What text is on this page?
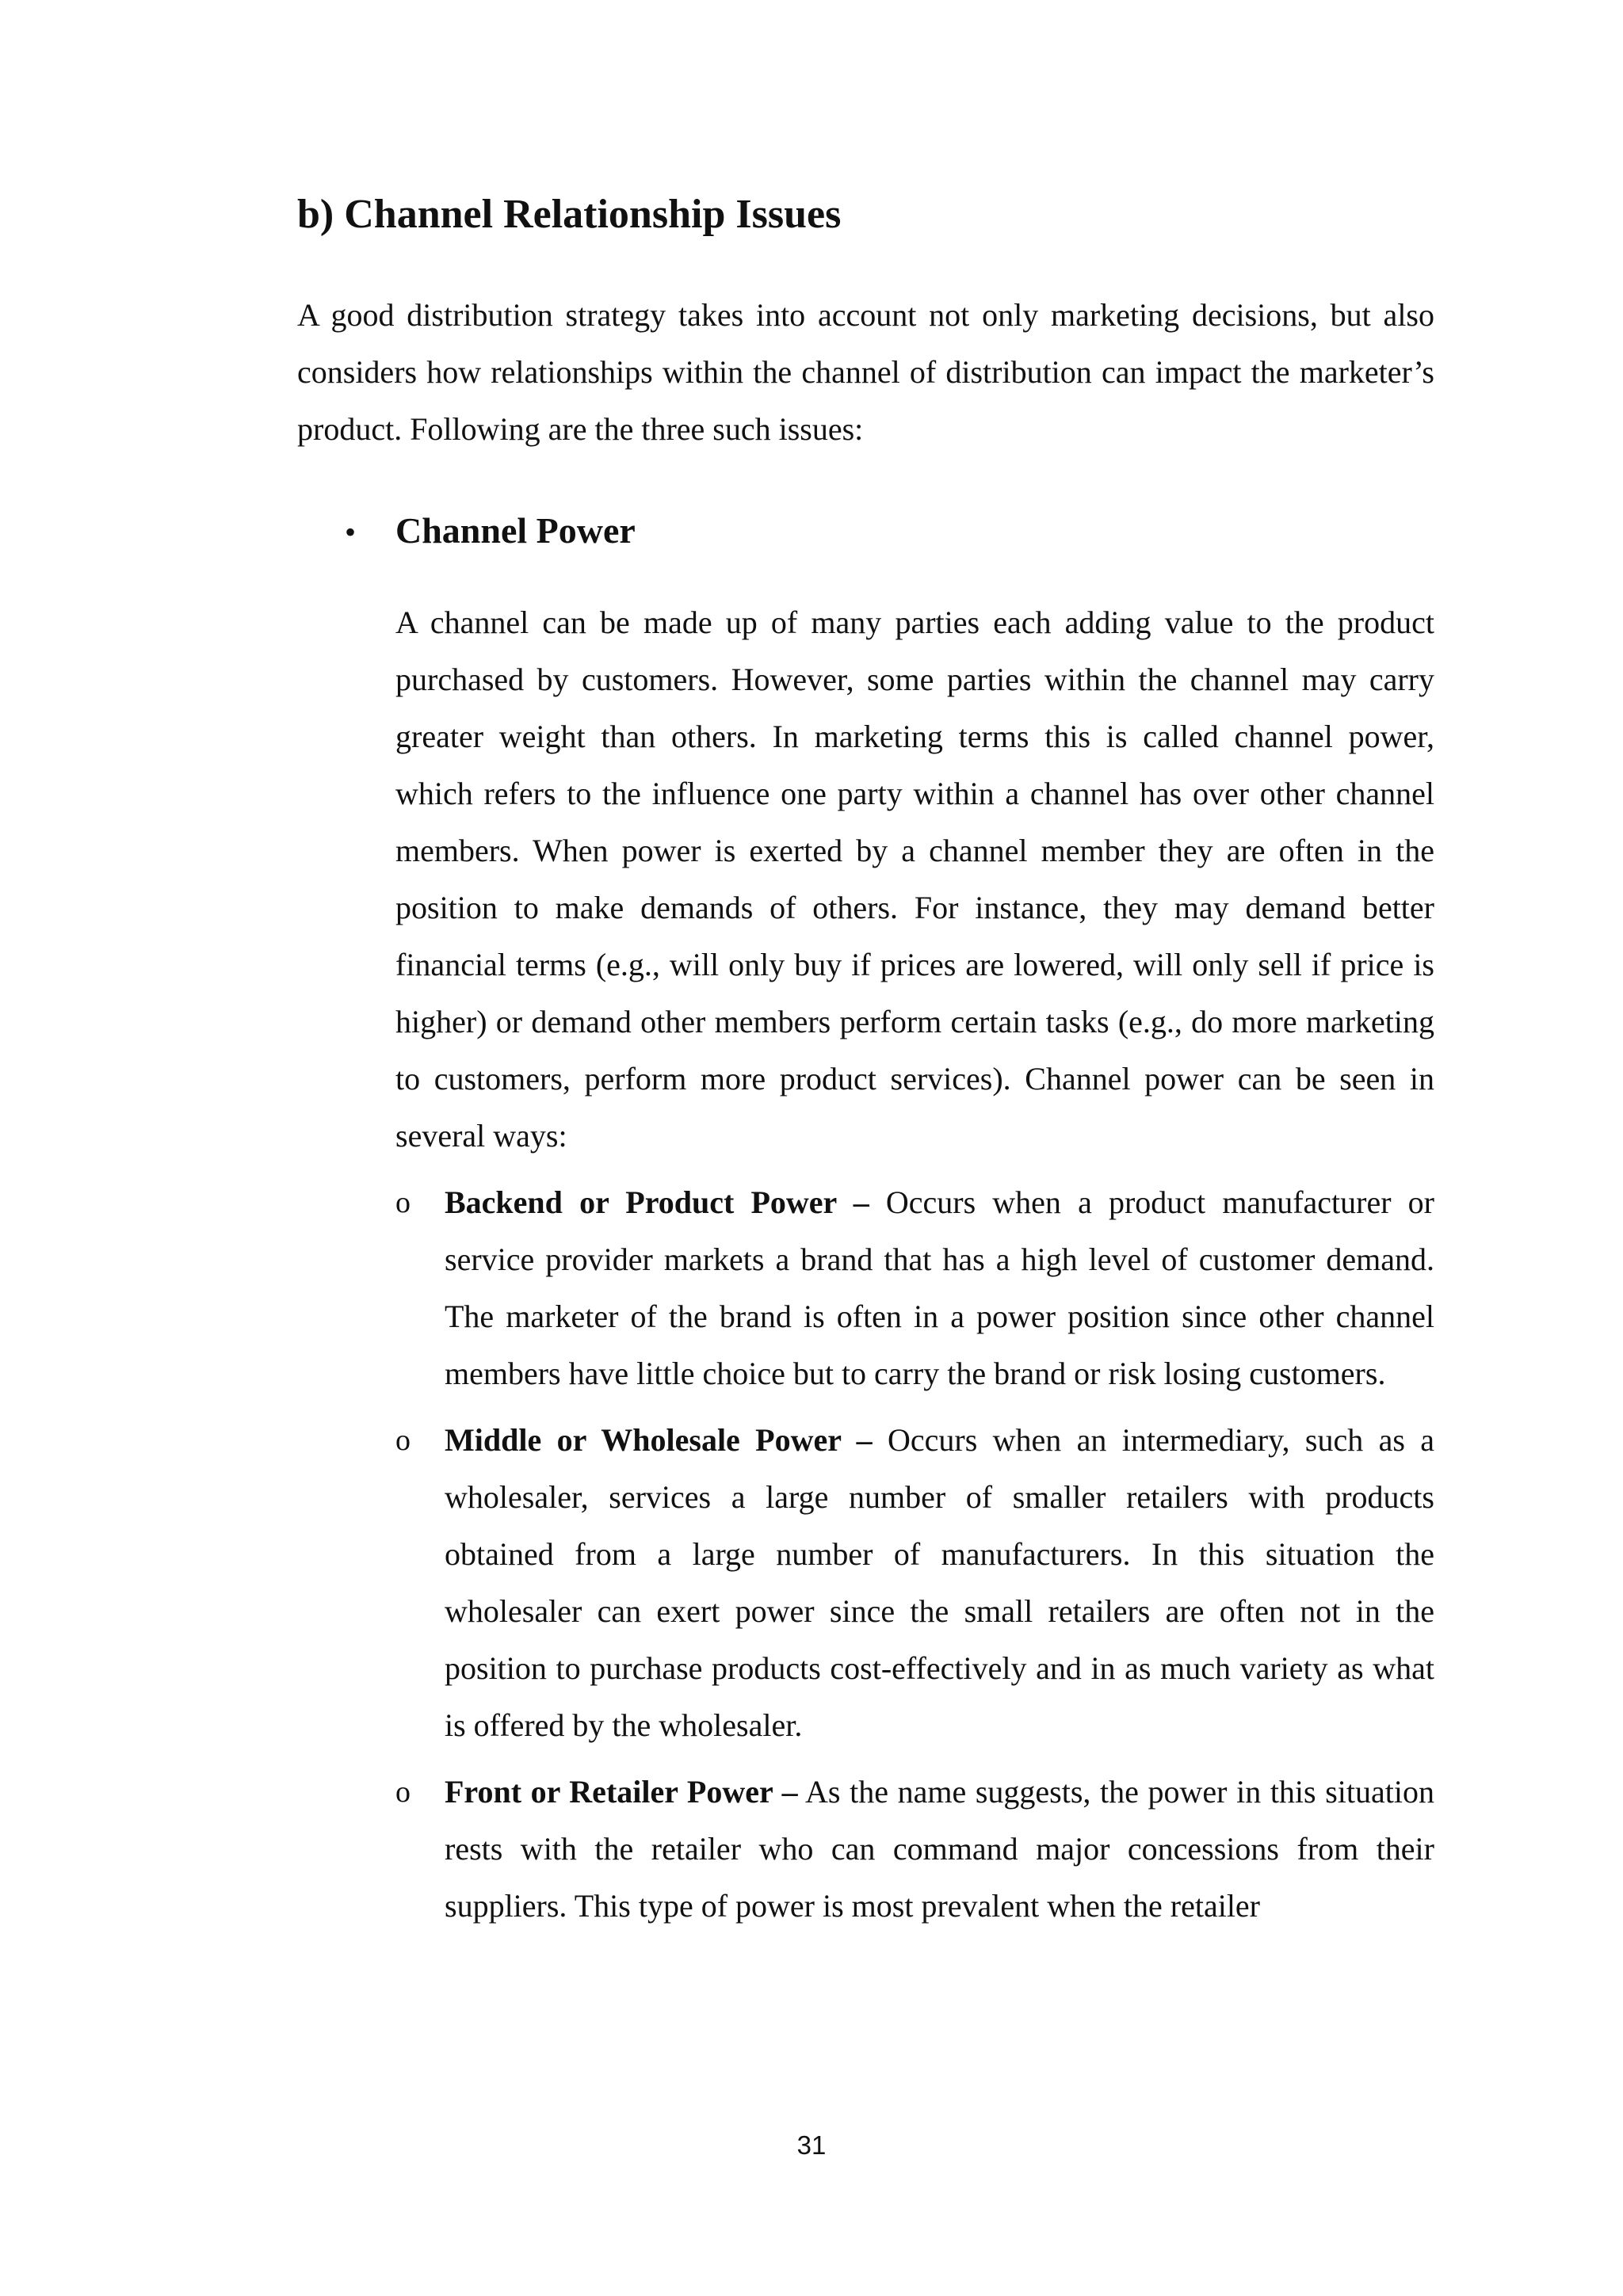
b) Channel Relationship Issues

A good distribution strategy takes into account not only marketing decisions, but also considers how relationships within the channel of distribution can impact the marketer’s product. Following are the three such issues:

•	Channel Power

A channel can be made up of many parties each adding value to the product purchased by customers. However, some parties within the channel may carry greater weight than others. In marketing terms this is called channel power, which refers to the influence one party within a channel has over other channel members. When power is exerted by a channel member they are often in the position to make demands of others. For instance, they may demand better financial terms (e.g., will only buy if prices are lowered, will only sell if price is higher) or demand other members perform certain tasks (e.g., do more marketing to customers, perform more product services). Channel power can be seen in several ways:

o	Backend or Product Power – Occurs when a product manufacturer or service provider markets a brand that has a high level of customer demand. The marketer of the brand is often in a power position since other channel members have little choice but to carry the brand or risk losing customers.
o	Middle or Wholesale Power – Occurs when an intermediary, such as a wholesaler, services a large number of smaller retailers with products obtained from a large number of manufacturers. In this situation the wholesaler can exert power since the small retailers are often not in the position to purchase products cost-effectively and in as much variety as what is offered by the wholesaler.
o	Front or Retailer Power – As the name suggests, the power in this situation rests with the retailer who can command major concessions from their suppliers. This type of power is most prevalent when the retailer
31
